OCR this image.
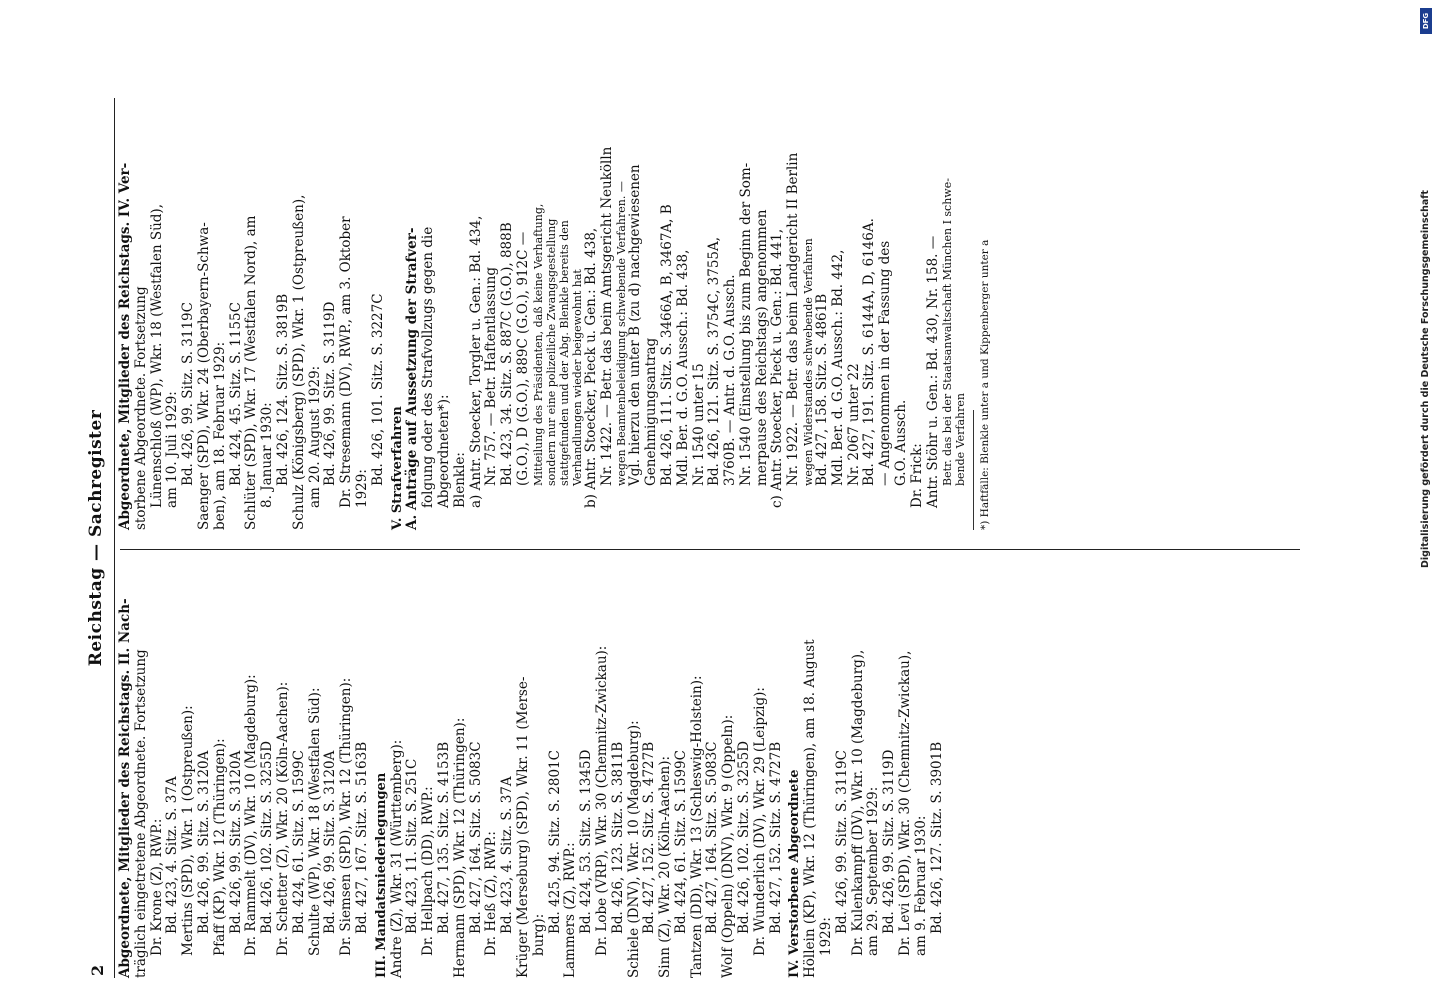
2
Reichstag — Sachregister
Abgeordnete, Mitglieder des Reichstags. II. Nach- träglich eingetretene Abgeordnete. Fortsetzung Dr. Krone (Z), RWP.: Bd. 423, 4. Sitz. S. 37A Mertins (SPD), Wkr. 1 (Ostpreußen): Bd. 426, 99. Sitz. S. 3120A Pfaff (KP), Wkr. 12 (Thüringen): Bd. 426, 99. Sitz. S. 3120A Dr. Rammelt (DV), Wkr. 10 (Magdeburg): Bd. 426, 102. Sitz. S. 3255D Dr. Schetter (Z), Wkr. 20 (Köln-Aachen): Bd. 424, 61. Sitz. S. 1599C Schulte (WP), Wkr. 18 (Westfalen Süd): Bd. 426, 99. Sitz. S. 3120A Dr. Siemsen (SPD), Wkr. 12 (Thüringen): Bd. 427, 167. Sitz. S. 5163B III. Mandatsniederlegungen Andre (Z), Wkr. 31 (Württemberg): Bd. 423, 11. Sitz. S. 251C Dr. Hellpach (DD), RWP.: Bd. 427, 135. Sitz. S. 4153B Hermann (SPD), Wkr. 12 (Thüringen): Bd. 427, 164. Sitz. S. 5083C Dr. Heß (Z), RWP.: Bd. 423, 4. Sitz. S. 37A Krüger (Merseburg) (SPD), Wkr. 11 (Merse- burg):
Bd. 425, 94. Sitz. S. 2801C Lammers (Z), RWP.: Bd. 424, 53. Sitz. S. 1345D Dr. Lobe (VRP), Wkr. 30 (Chemnitz-Zwickau): Bd. 426, 123. Sitz. S. 3811B Schiele (DNV), Wkr. 10 (Magdeburg): Bd. 427, 152. Sitz. S. 4727B Sinn (Z), Wkr. 20 (Köln-Aachen): Bd. 424, 61. Sitz. S. 1599C Tantzen (DD), Wkr. 13 (Schleswig-Holstein): Bd. 427, 164. Sitz. S. 5083C Wolf (Oppeln) (DNV), Wkr. 9 (Oppeln): Bd. 426, 102. Sitz. S. 3255D Dr. Wunderlich (DV), Wkr. 29 (Leipzig): Bd. 427, 152. Sitz. S. 4727B IV. Verstorbene Abgeordnete Höllein (KP), Wkr. 12 (Thüringen), am 18. August 1929:
Bd. 426, 99. Sitz. S. 3119C Dr. Kulenkampff (DV), Wkr. 10 (Magdeburg), am 29. September 1929: Bd. 426, 99. Sitz. S. 3119D Dr. Levi (SPD), Wkr. 30 (Chemnitz-Zwickau), am 9. Februar 1930: Bd. 426, 127. Sitz. S. 3901B
Abgeordnete, Mitglieder des Reichstags. IV. Ver- storbene Abgeordnete. Fortsetzung Lünenschloß (WP), Wkr. 18 (Westfalen Süd), am 10. Juli 1929: Bd. 426, 99. Sitz. S. 3119C Saenger (SPD), Wkr. 24 (Oberbayern-Schwa- ben), am 18. Februar 1929: Bd. 424, 45. Sitz. S. 1155C Schlüter (SPD), Wkr. 17 (Westfalen Nord), am 8. Januar 1930: Bd. 426, 124. Sitz. S. 3819B Schulz (Königsberg) (SPD), Wkr. 1 (Ostpreußen), am 20. August 1929: Bd. 426, 99. Sitz. S. 3119D Dr. Stresemann (DV), RWP., am 3. Oktober 1929:
Bd. 426, 101. Sitz. S. 3227C V. Strafverfahren A. Anträge auf Aussetzung der Strafver- folgung oder des Strafvollzugs gegen die Abgeordneten*): Blenkle: a) Antr. Stoecker, Torgler u. Gen.: Bd. 434, Nr. 757. — Betr. Haftentlassung Bd. 423, 34. Sitz. S. 887C (G.O.), 888B (G.O.), D (G.O.), 889C (G.O.), 912C — Mitteilung des Präsidenten, daß keine Verhaftung, sondern nur eine polizeiliche Zwangsgestellung stattgefunden und der Abg. Blenkle bereits den Verhandlungen wieder beigewohnt hat b) Antr. Stoecker, Pieck u. Gen.: Bd. 438, Nr. 1422. — Betr. das beim Amtsgericht Neukölln wegen Beamtenbeleidigung schwebende Verfahren. — Vgl. hierzu den unter B (zu d) nachgewiesenen Genehmigungsantrag Bd. 426, 111. Sitz. S. 3466A, B, 3467A, B Mdl. Ber. d. G.O. Aussch.: Bd. 438, Nr. 1540 unter 15 Bd. 426, 121. Sitz. S. 3754C, 3755A, 3760B. — Antr. d. G.O. Aussch. Nr. 1540 (Einstellung bis zum Beginn der Som- merpause des Reichstags) angenommen c) Antr. Stoecker, Pieck u. Gen.: Bd. 441, Nr. 1922. — Betr. das beim Landgericht II Berlin wegen Widerstandes schwebende Verfahren Bd. 427, 158. Sitz. S. 4861B Mdl. Ber. d. G.O. Aussch.: Bd. 442, Nr. 2067 unter 22 Bd. 427, 191. Sitz. S. 6144A, D, 6146A. — Angenommen in der Fassung des G.O. Aussch. Dr. Frick: Antr. Stöhr u. Gen.: Bd. 430, Nr. 158. — Betr. das bei der Staatsanwaltschaft München I schwe- bende Verfahren *) Haftfälle: Blenkle unter a und Kippenberger unter a	Digitalisierung gefördert durch die Deutsche Forschungsgemeinschaft
DFG
